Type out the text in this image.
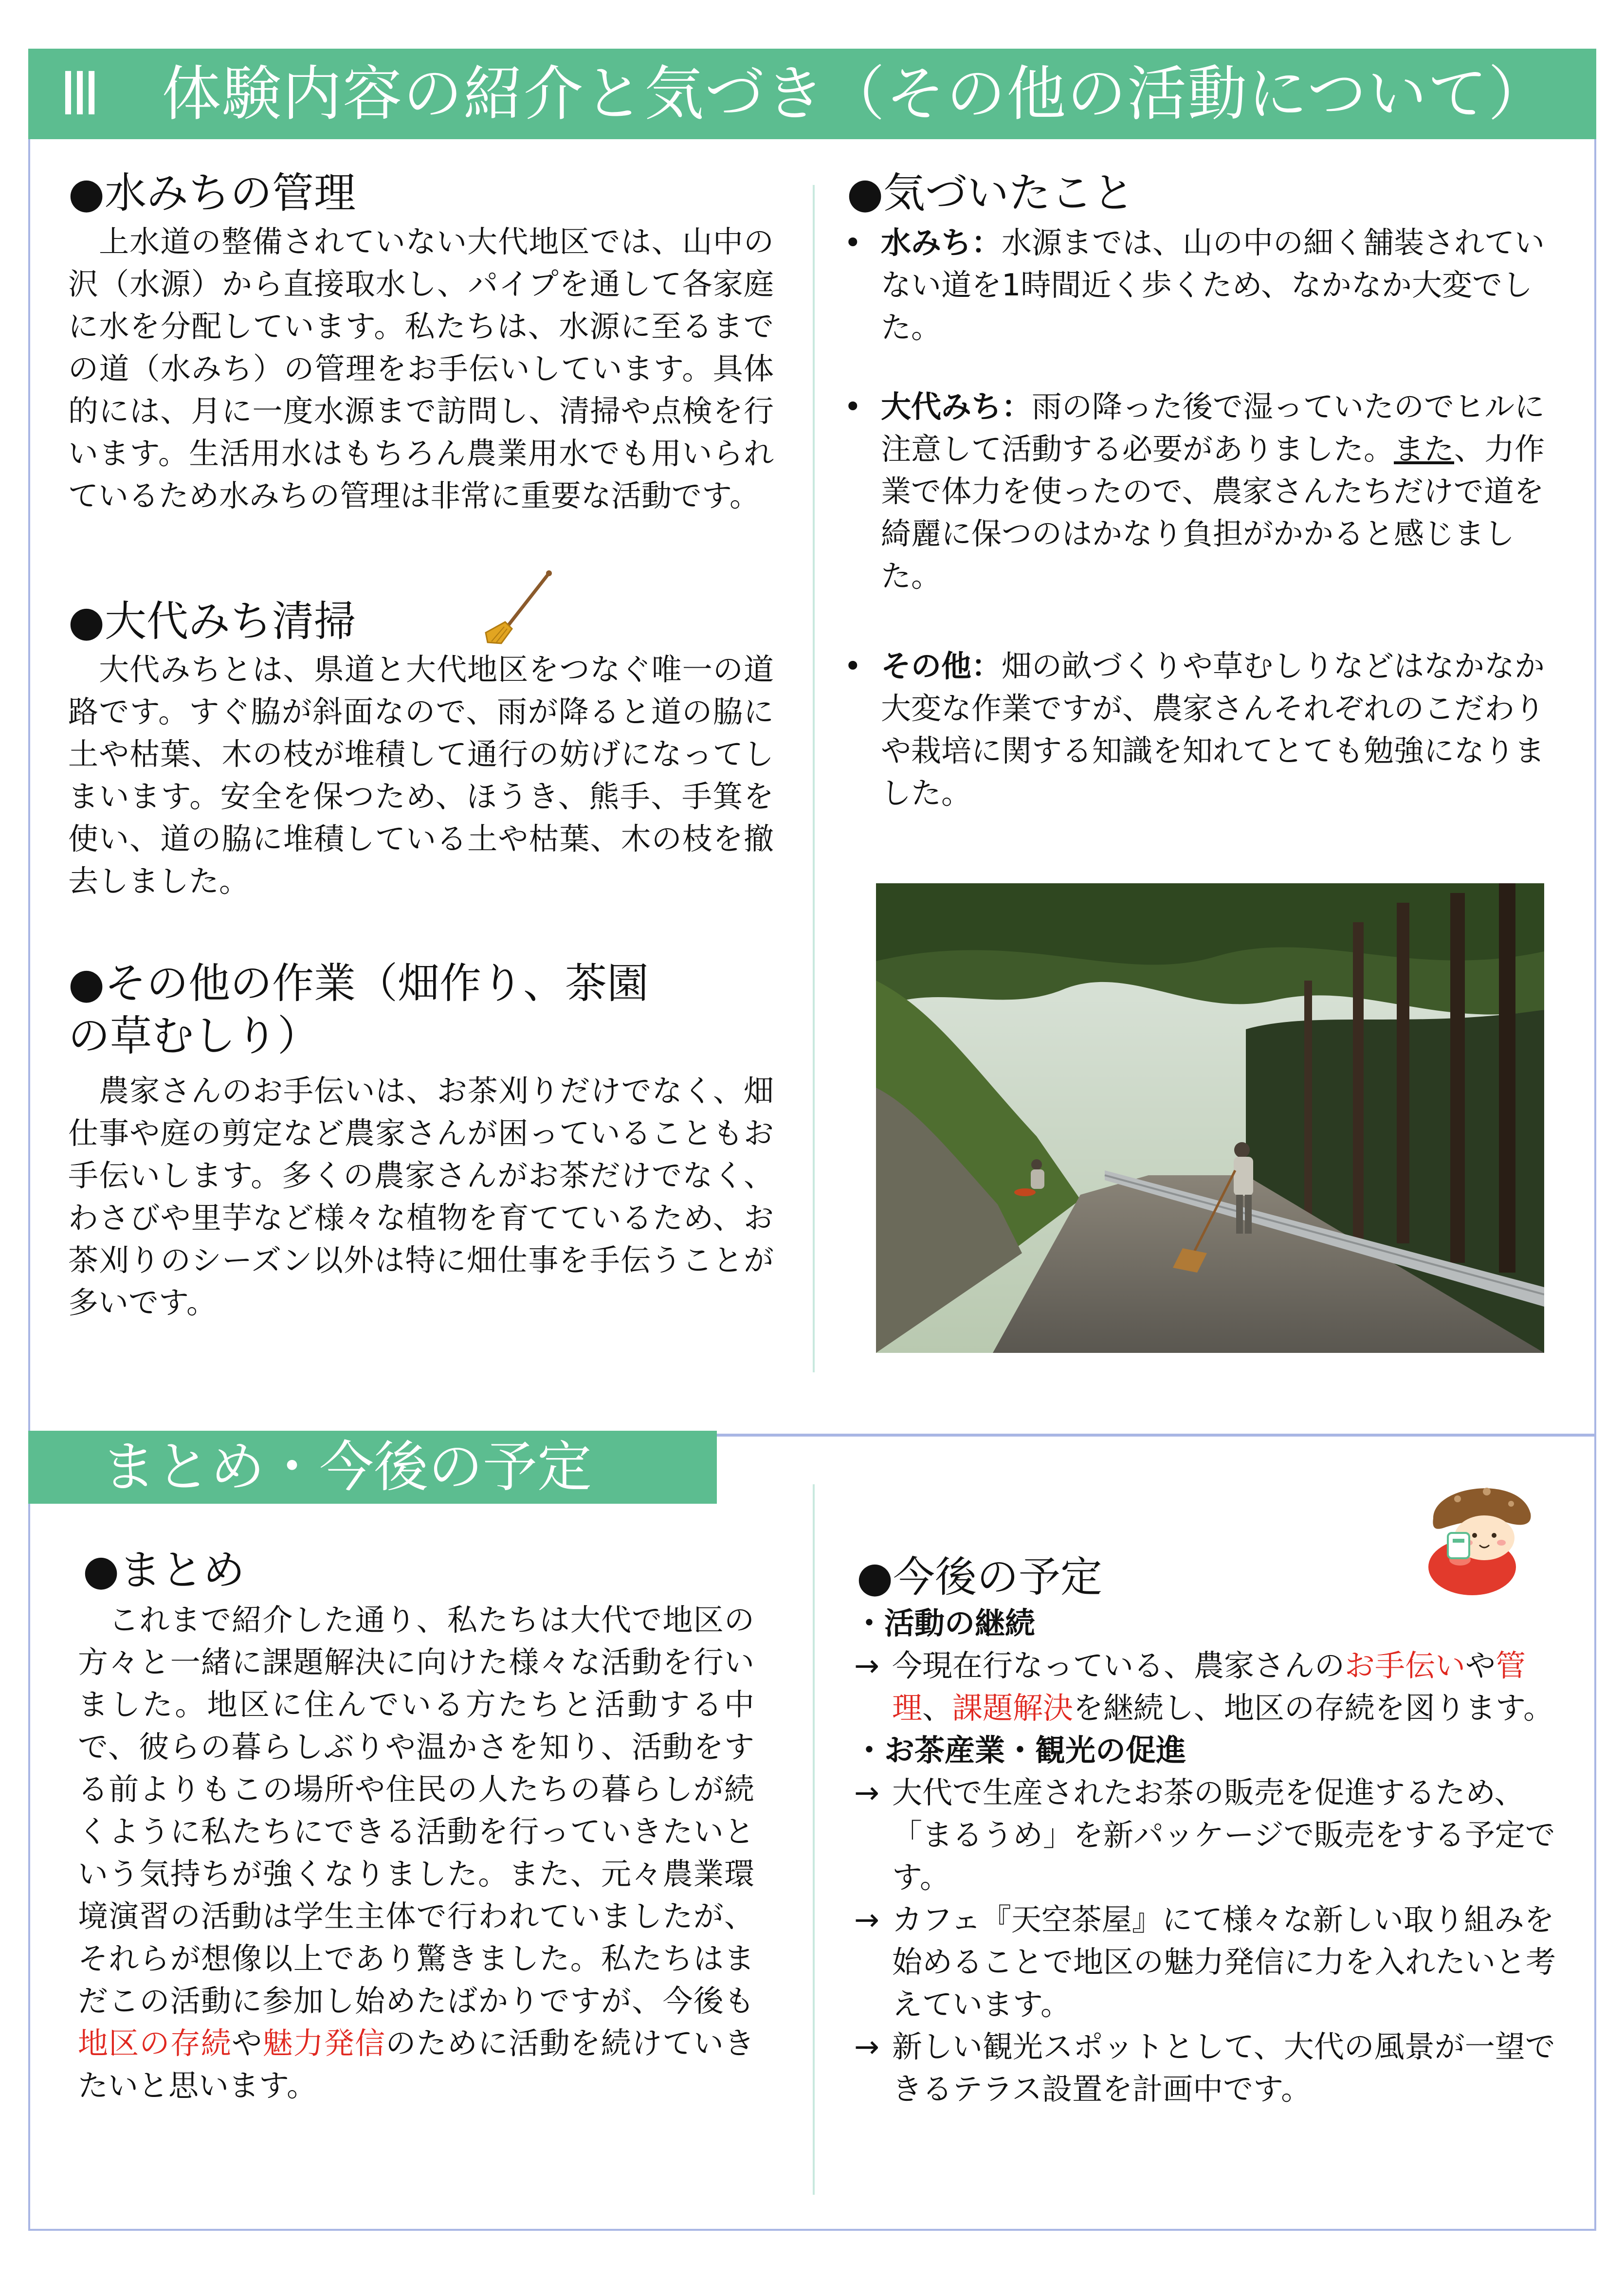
Ⅲ　体験内容の紹介と気づき（その他の活動について）
●水みちの管理

上水道の整備されていない大代地区では、山中の沢（水源）から直接取水し、パイプを通して各家庭に水を分配しています。私たちは、水源に至るまでの道（水みち）の管理をお手伝いしています。具体的には、月に一度水源まで訪問し、清掃や点検を行います。生活用水はもちろん農業用水でも用いられているため水みちの管理は非常に重要な活動です。

●大代みち清掃

大代みちとは、県道と大代地区をつなぐ唯一の道路です。すぐ脇が斜面なので、雨が降ると道の脇に土や枯葉、木の枝が堆積して通行の妨げになってしまいます。安全を保つため、ほうき、熊手、手箕を使い、道の脇に堆積している土や枯葉、木の枝を撤去しました。

●その他の作業（畑作り、茶園
の草むしり）

農家さんのお手伝いは、お茶刈りだけでなく、畑仕事や庭の剪定など農家さんが困っていることもお手伝いします。多くの農家さんがお茶だけでなく、わさびや里芋など様々な植物を育てているため、お茶刈りのシーズン以外は特に畑仕事を手伝うことが多いです。

●気づいたこと
• 水みち：水源までは、山の中の細く舗装されていない道を1時間近く歩くため、なかなか大変でした。
• 大代みち：雨の降った後で湿っていたのでヒルに注意して活動する必要がありました。また、力作業で体力を使ったので、農家さんたちだけで道を綺麗に保つのはかなり負担がかかると感じました。
• その他：畑の畝づくりや草むしりなどはなかなか大変な作業ですが、農家さんそれぞれのこだわりや栽培に関する知識を知れてとても勉強になりました。
まとめ・今後の予定
●まとめ

これまで紹介した通り、私たちは大代で地区の方々と一緒に課題解決に向けた様々な活動を行いました。地区に住んでいる方たちと活動する中で、彼らの暮らしぶりや温かさを知り、活動をする前よりもこの場所や住民の人たちの暮らしが続くように私たちにできる活動を行っていきたいという気持ちが強くなりました。また、元々農業環境演習の活動は学生主体で行われていましたが、それらが想像以上であり驚きました。私たちはまだこの活動に参加し始めたばかりですが、今後も地区の存続や魅力発信のために活動を続けていきたいと思います。

●今後の予定
・活動の継続
→ 今現在行なっている、農家さんのお手伝いや管理、課題解決を継続し、地区の存続を図ります。
・お茶産業・観光の促進
→ 大代で生産されたお茶の販売を促進するため、「まるうめ」を新パッケージで販売をする予定です。
→ カフェ『天空茶屋』にて様々な新しい取り組みを始めることで地区の魅力発信に力を入れたいと考えています。
→ 新しい観光スポットとして、大代の風景が一望できるテラス設置を計画中です。
